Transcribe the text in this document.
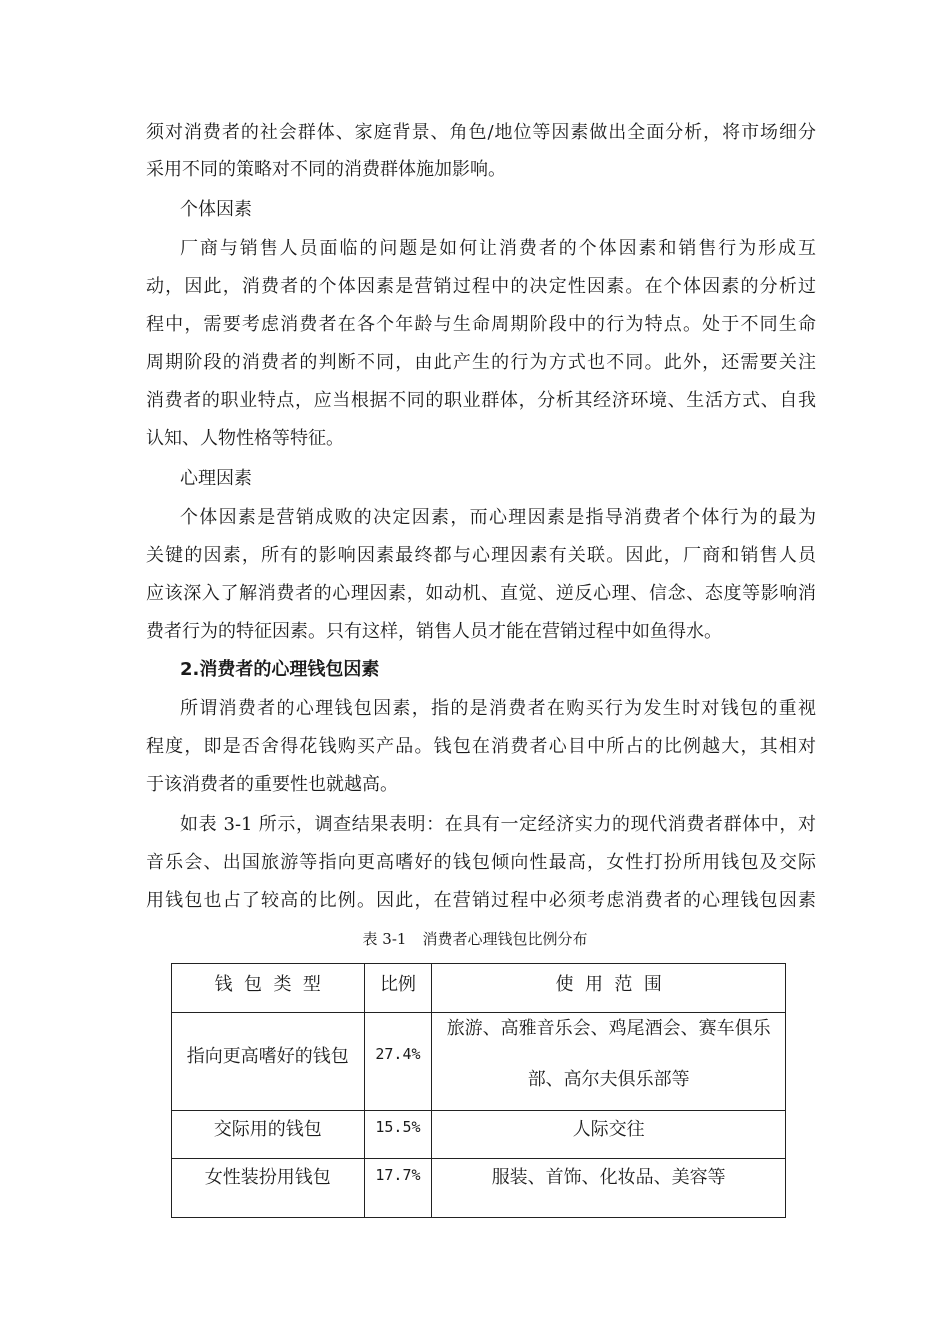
须对消费者的社会群体、家庭背景、角色/地位等因素做出全面分析，将市场细分
采用不同的策略对不同的消费群体施加影响。
个体因素
厂商与销售人员面临的问题是如何让消费者的个体因素和销售行为形成互
动，因此，消费者的个体因素是营销过程中的决定性因素。在个体因素的分析过
程中，需要考虑消费者在各个年龄与生命周期阶段中的行为特点。处于不同生命
周期阶段的消费者的判断不同，由此产生的行为方式也不同。此外，还需要关注
消费者的职业特点，应当根据不同的职业群体，分析其经济环境、生活方式、自我
认知、人物性格等特征。
心理因素
个体因素是营销成败的决定因素，而心理因素是指导消费者个体行为的最为
关键的因素，所有的影响因素最终都与心理因素有关联。因此，厂商和销售人员
应该深入了解消费者的心理因素，如动机、直觉、逆反心理、信念、态度等影响消
费者行为的特征因素。只有这样，销售人员才能在营销过程中如鱼得水。
2.消费者的心理钱包因素
所谓消费者的心理钱包因素，指的是消费者在购买行为发生时对钱包的重视
程度，即是否舍得花钱购买产品。钱包在消费者心目中所占的比例越大，其相对
于该消费者的重要性也就越高。
如表 3-1 所示，调查结果表明：在具有一定经济实力的现代消费者群体中，对
音乐会、出国旅游等指向更高嗜好的钱包倾向性最高，女性打扮所用钱包及交际
用钱包也占了较高的比例。因此，在营销过程中必须考虑消费者的心理钱包因素
表 3-1 消费者心理钱包比例分布
钱  包  类  型	比例	使  用  范  围
指向更高嗜好的钱包	27.4%	旅游、高雅音乐会、鸡尾酒会、赛车俱乐
部、高尔夫俱乐部等

交际用的钱包	15.5%	人际交往
女性装扮用钱包	17.7%	服装、首饰、化妆品、美容等
